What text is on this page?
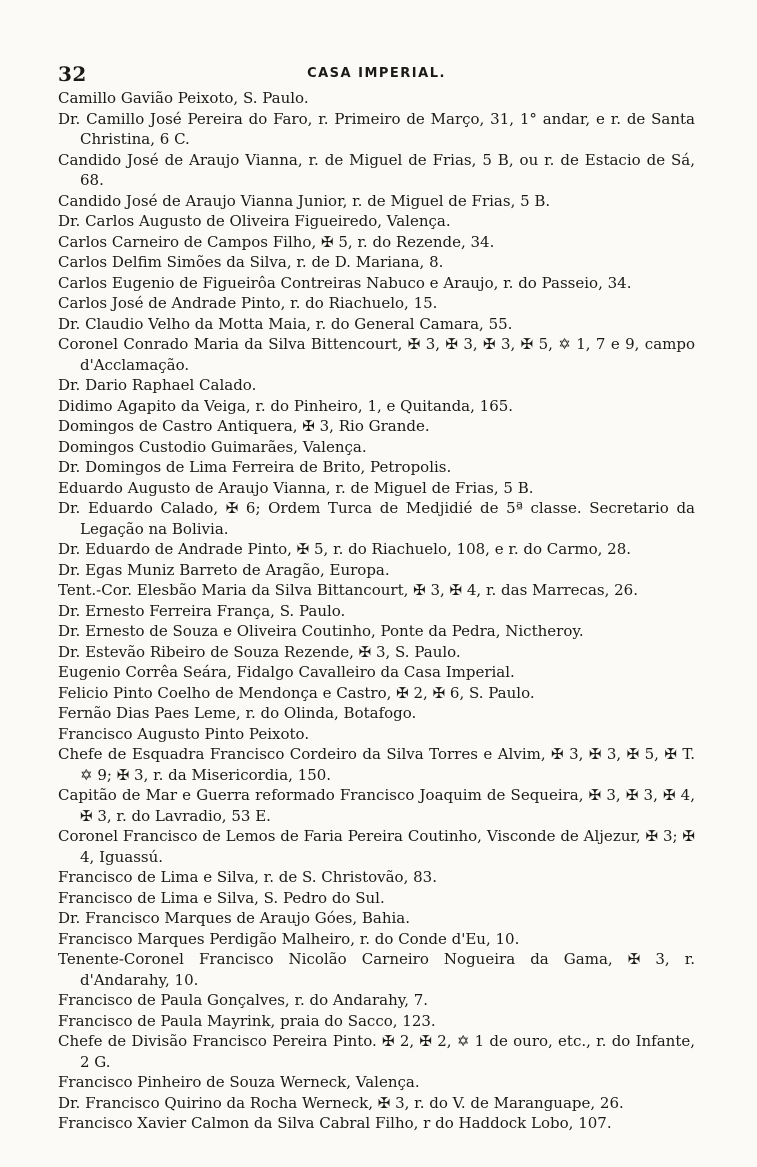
32	CASA IMPERIAL.
Camillo Gavião Peixoto, S. Paulo.
Dr. Camillo José Pereira do Faro, r. Primeiro de Março, 31, 1° andar, e r. de Santa Christina, 6 C.
Candido José de Araujo Vianna, r. de Miguel de Frias, 5 B, ou r. de Estacio de Sá, 68.
Candido José de Araujo Vianna Junior, r. de Miguel de Frias, 5 B.
Dr. Carlos Augusto de Oliveira Figueiredo, Valença.
Carlos Carneiro de Campos Filho, ✠ 5, r. do Rezende, 34.
Carlos Delfim Simões da Silva, r. de D. Mariana, 8.
Carlos Eugenio de Figueirôa Contreiras Nabuco e Araujo, r. do Passeio, 34.
Carlos José de Andrade Pinto, r. do Riachuelo, 15.
Dr. Claudio Velho da Motta Maia, r. do General Camara, 55.
Coronel Conrado Maria da Silva Bittencourt, ✠ 3, ✠ 3, ✠ 3, ✠ 5, ✡ 1, 7 e 9, campo d'Acclamação.
Dr. Dario Raphael Calado.
Didimo Agapito da Veiga, r. do Pinheiro, 1, e Quitanda, 165.
Domingos de Castro Antiquera, ✠ 3, Rio Grande.
Domingos Custodio Guimarães, Valença.
Dr. Domingos de Lima Ferreira de Brito, Petropolis.
Eduardo Augusto de Araujo Vianna, r. de Miguel de Frias, 5 B.
Dr. Eduardo Calado, ✠ 6; Ordem Turca de Medjidié de 5ª classe. Secretario da Legação na Bolivia.
Dr. Eduardo de Andrade Pinto, ✠ 5, r. do Riachuelo, 108, e r. do Carmo, 28.
Dr. Egas Muniz Barreto de Aragão, Europa.
Tent.-Cor. Elesbão Maria da Silva Bittancourt, ✠ 3, ✠ 4, r. das Marrecas, 26.
Dr. Ernesto Ferreira França, S. Paulo.
Dr. Ernesto de Souza e Oliveira Coutinho, Ponte da Pedra, Nictheroy.
Dr. Estevão Ribeiro de Souza Rezende, ✠ 3, S. Paulo.
Eugenio Corrêa Seára, Fidalgo Cavalleiro da Casa Imperial.
Felicio Pinto Coelho de Mendonça e Castro, ✠ 2, ✠ 6, S. Paulo.
Fernão Dias Paes Leme, r. do Olinda, Botafogo.
Francisco Augusto Pinto Peixoto.
Chefe de Esquadra Francisco Cordeiro da Silva Torres e Alvim, ✠ 3, ✠ 3, ✠ 5, ✠ T. ✡ 9; ✠ 3, r. da Misericordia, 150.
Capitão de Mar e Guerra reformado Francisco Joaquim de Sequeira, ✠ 3, ✠ 3, ✠ 4, ✠ 3, r. do Lavradio, 53 E.
Coronel Francisco de Lemos de Faria Pereira Coutinho, Visconde de Aljezur, ✠ 3; ✠ 4, Iguassú.
Francisco de Lima e Silva, r. de S. Christovão, 83.
Francisco de Lima e Silva, S. Pedro do Sul.
Dr. Francisco Marques de Araujo Góes, Bahia.
Francisco Marques Perdigão Malheiro, r. do Conde d'Eu, 10.
Tenente-Coronel Francisco Nicolão Carneiro Nogueira da Gama, ✠ 3, r. d'Andarahy, 10.
Francisco de Paula Gonçalves, r. do Andarahy, 7.
Francisco de Paula Mayrink, praia do Sacco, 123.
Chefe de Divisão Francisco Pereira Pinto. ✠ 2, ✠ 2, ✡ 1 de ouro, etc., r. do Infante, 2 G.
Francisco Pinheiro de Souza Werneck, Valença.
Dr. Francisco Quirino da Rocha Werneck, ✠ 3, r. do V. de Maranguape, 26.
Francisco Xavier Calmon da Silva Cabral Filho, r do Haddock Lobo, 107.
